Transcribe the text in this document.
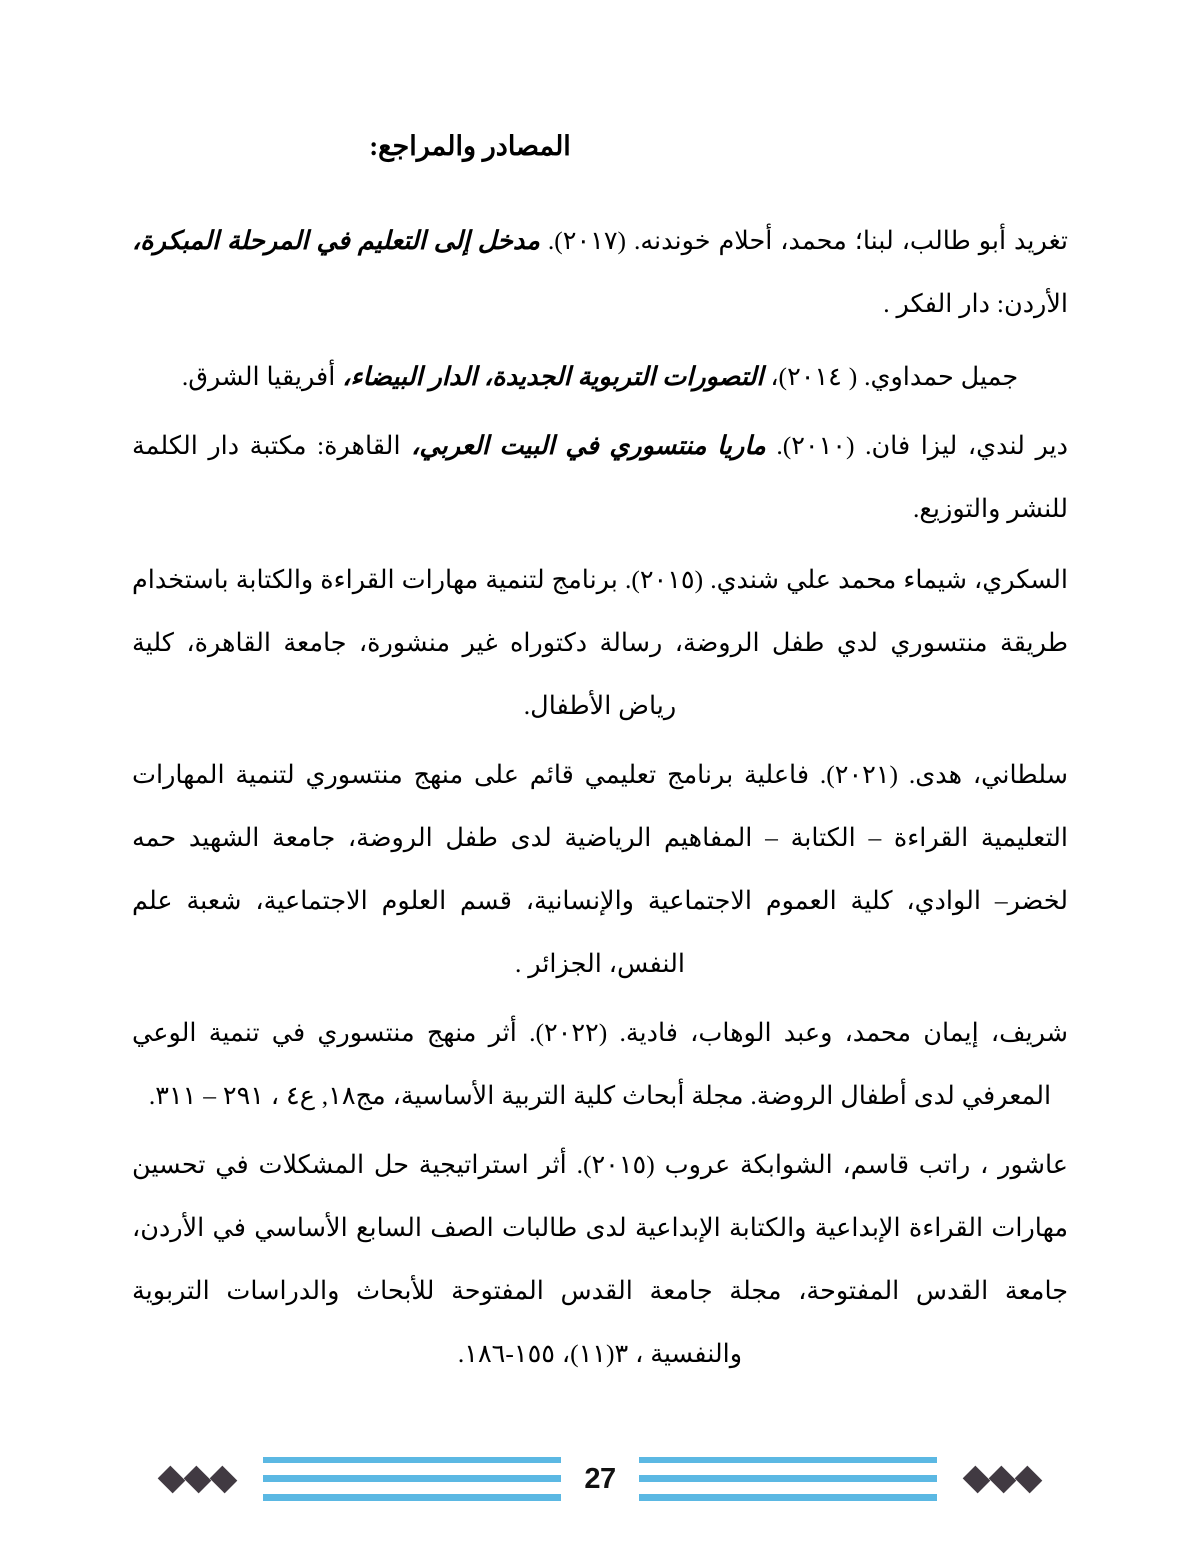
المصادر والمراجع:

تغريد أبو طالب، لبنا؛ محمد، أحلام خوندنه. (٢٠١٧). مدخل إلى التعليم في المرحلة المبكرة، الأردن: دار الفكر .

جميل حمداوي. ( ٢٠١٤)، التصورات التربوية الجديدة، الدار البيضاء، أفريقيا الشرق.

دير لندي، ليزا فان. (٢٠١٠). ماريا منتسوري في البيت العربي، القاهرة: مكتبة دار الكلمة للنشر والتوزيع.

السكري، شيماء محمد علي شندي. (٢٠١٥). برنامج لتنمية مهارات القراءة والكتابة باستخدام طريقة منتسوري لدي طفل الروضة، رسالة دكتوراه غير منشورة، جامعة القاهرة، كلية رياض الأطفال.

سلطاني، هدى. (٢٠٢١). فاعلية برنامج تعليمي قائم على منهج منتسوري لتنمية المهارات التعليمية القراءة – الكتابة – المفاهيم الرياضية لدى طفل الروضة، جامعة الشهيد حمه لخضر– الوادي، كلية العموم الاجتماعية والإنسانية، قسم العلوم الاجتماعية، شعبة علم النفس، الجزائر .

شريف، إيمان محمد، وعبد الوهاب، فادية. (٢٠٢٢). أثر منهج منتسوري في تنمية الوعي المعرفي لدى أطفال الروضة. مجلة أبحاث كلية التربية الأساسية، مج١٨, ع٤ ، ٢٩١ – ٣١١.

عاشور ، راتب قاسم، الشوابكة عروب (٢٠١٥). أثر استراتيجية حل المشكلات في تحسين مهارات القراءة الإبداعية والكتابة الإبداعية لدى طالبات الصف السابع الأساسي في الأردن، جامعة القدس المفتوحة، مجلة جامعة القدس المفتوحة للأبحاث والدراسات التربوية والنفسية ، ٣(١١)، ١٥٥-١٨٦.

27
